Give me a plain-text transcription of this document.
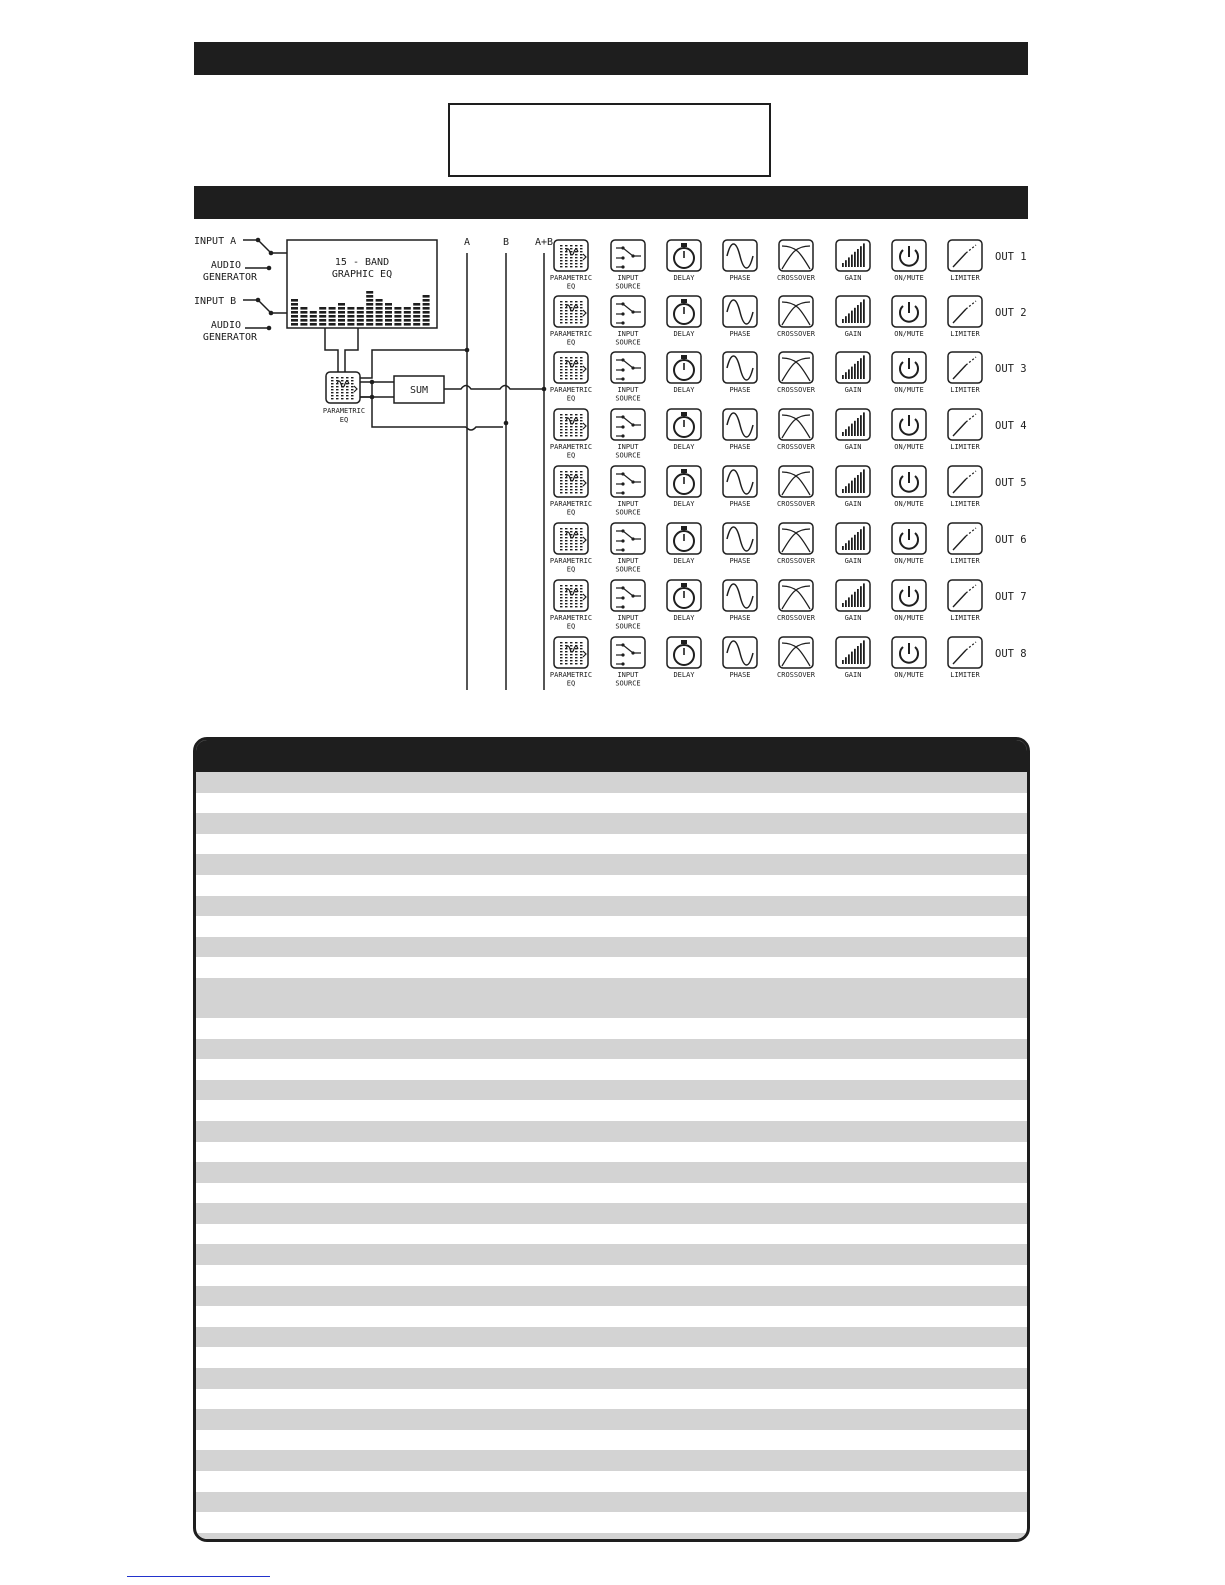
INPUT A
AUDIO
GENERATOR
INPUT B
AUDIO
GENERATOR
15 - BAND
GRAPHIC EQ
PARAMETRIC
EQ
SUM
A	B	A+B
PARAMETRIC
EQ
INPUT
SOURCE
DELAY	PHASE	CROSSOVER	GAIN	ON/MUTE	LIMITER
OUT 1
PARAMETRIC
EQ
INPUT
SOURCE
DELAY	PHASE	CROSSOVER	GAIN	ON/MUTE	LIMITER
OUT 2
PARAMETRIC
EQ
INPUT
SOURCE
DELAY	PHASE	CROSSOVER	GAIN	ON/MUTE	LIMITER
OUT 3
PARAMETRIC
EQ
INPUT
SOURCE
DELAY	PHASE	CROSSOVER	GAIN	ON/MUTE	LIMITER
OUT 4
PARAMETRIC
EQ
INPUT
SOURCE
DELAY	PHASE	CROSSOVER	GAIN	ON/MUTE	LIMITER
OUT 5
PARAMETRIC
EQ
INPUT
SOURCE
DELAY	PHASE	CROSSOVER	GAIN	ON/MUTE	LIMITER
OUT 6
PARAMETRIC
EQ
INPUT
SOURCE
DELAY	PHASE	CROSSOVER	GAIN	ON/MUTE	LIMITER
OUT 7
PARAMETRIC
EQ
INPUT
SOURCE
DELAY	PHASE	CROSSOVER	GAIN	ON/MUTE	LIMITER
OUT 8
